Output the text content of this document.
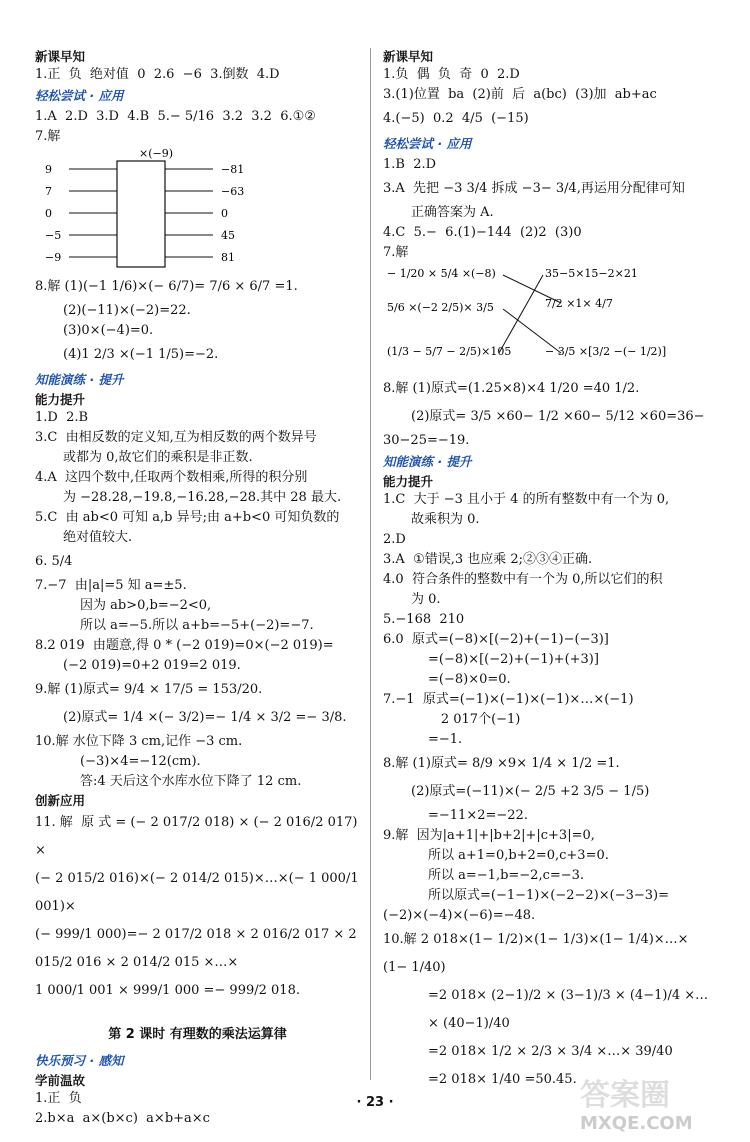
新课早知
1.正  负  绝对值  0  2.6  −6  3.倒数  4.D
轻松尝试 · 应用
1.A  2.D  3.D  4.B  5.− 5/16  3.2  3.2  6.①②
7.解
×(−9)
9	−81
7	−63
0	0
−5	45
−9	81
8.解 (1)(−1 1/6)×(− 6/7)= 7/6 × 6/7 =1.
(2)(−11)×(−2)=22.
(3)0×(−4)=0.
(4)1 2/3 ×(−1 1/5)=−2.
知能演练 · 提升
能力提升
1.D  2.B
3.C  由相反数的定义知,互为相反数的两个数异号
或都为 0,故它们的乘积是非正数.
4.A  这四个数中,任取两个数相乘,所得的积分别
为 −28.28,−19.8,−16.28,−28.其中 28 最大.
5.C  由 ab<0 可知 a,b 异号;由 a+b<0 可知负数的
绝对值较大.
6. 5/4
7.−7  由|a|=5 知 a=±5.
因为 ab>0,b=−2<0,
所以 a=−5.所以 a+b=−5+(−2)=−7.
8.2 019  由题意,得 0 * (−2 019)=0×(−2 019)=
(−2 019)=0+2 019=2 019.
9.解 (1)原式= 9/4 × 17/5 = 153/20.
(2)原式= 1/4 ×(− 3/2)=− 1/4 × 3/2 =− 3/8.
10.解 水位下降 3 cm,记作 −3 cm.
(−3)×4=−12(cm).
答:4 天后这个水库水位下降了 12 cm.
创新应用
11. 解  原 式 = (− 2 017/2 018) × (− 2 016/2 017) ×
(− 2 015/2 016)×(− 2 014/2 015)×…×(− 1 000/1 001)×
(− 999/1 000)=− 2 017/2 018 × 2 016/2 017 × 2 015/2 016 × 2 014/2 015 ×…×
1 000/1 001 × 999/1 000 =− 999/2 018.
第 2 课时 有理数的乘法运算律
快乐预习 · 感知
学前温故
1.正  负
2.b×a  a×(b×c)  a×b+a×c
新课早知
1.负  偶  负  奇  0  2.D
3.(1)位置  ba  (2)前  后  a(bc)  (3)加  ab+ac
4.(−5)  0.2  4/5  (−15)
轻松尝试 · 应用
1.B  2.D
3.A  先把 −3 3/4 拆成 −3− 3/4,再运用分配律可知
正确答案为 A.
4.C  5.−  6.(1)−144  (2)2  (3)0
7.解
− 1/20 × 5/4 ×(−8)
5/6 ×(−2 2/5)× 3/5
(1/3 − 5/7 − 2/5)×105
35−5×15−2×21
7/2 ×1× 4/7
− 3/5 ×[3/2 −(− 1/2)]
8.解 (1)原式=(1.25×8)×4 1/20 =40 1/2.
(2)原式= 3/5 ×60− 1/2 ×60− 5/12 ×60=36−
30−25=−19.
知能演练 · 提升
能力提升
1.C  大于 −3 且小于 4 的所有整数中有一个为 0,
故乘积为 0.
2.D
3.A  ①错误,3 也应乘 2;②③④正确.
4.0  符合条件的整数中有一个为 0,所以它们的积
为 0.
5.−168  210
6.0  原式=(−8)×[(−2)+(−1)−(−3)]
=(−8)×[(−2)+(−1)+(+3)]
=(−8)×0=0.
7.−1  原式=(−1)×(−1)×(−1)×…×(−1)
2 017个(−1)
=−1.
8.解 (1)原式= 8/9 ×9× 1/4 × 1/2 =1.
(2)原式=(−11)×(− 2/5 +2 3/5 − 1/5)
=−11×2=−22.
9.解  因为|a+1|+|b+2|+|c+3|=0,
所以 a+1=0,b+2=0,c+3=0.
所以 a=−1,b=−2,c=−3.
所以原式=(−1−1)×(−2−2)×(−3−3)=
(−2)×(−4)×(−6)=−48.
10.解 2 018×(1− 1/2)×(1− 1/3)×(1− 1/4)×…×
(1− 1/40)
=2 018× (2−1)/2 × (3−1)/3 × (4−1)/4 ×…× (40−1)/40
=2 018× 1/2 × 2/3 × 3/4 ×…× 39/40
=2 018× 1/40 =50.45.
· 23 ·	答案圈
MXQE.COM
